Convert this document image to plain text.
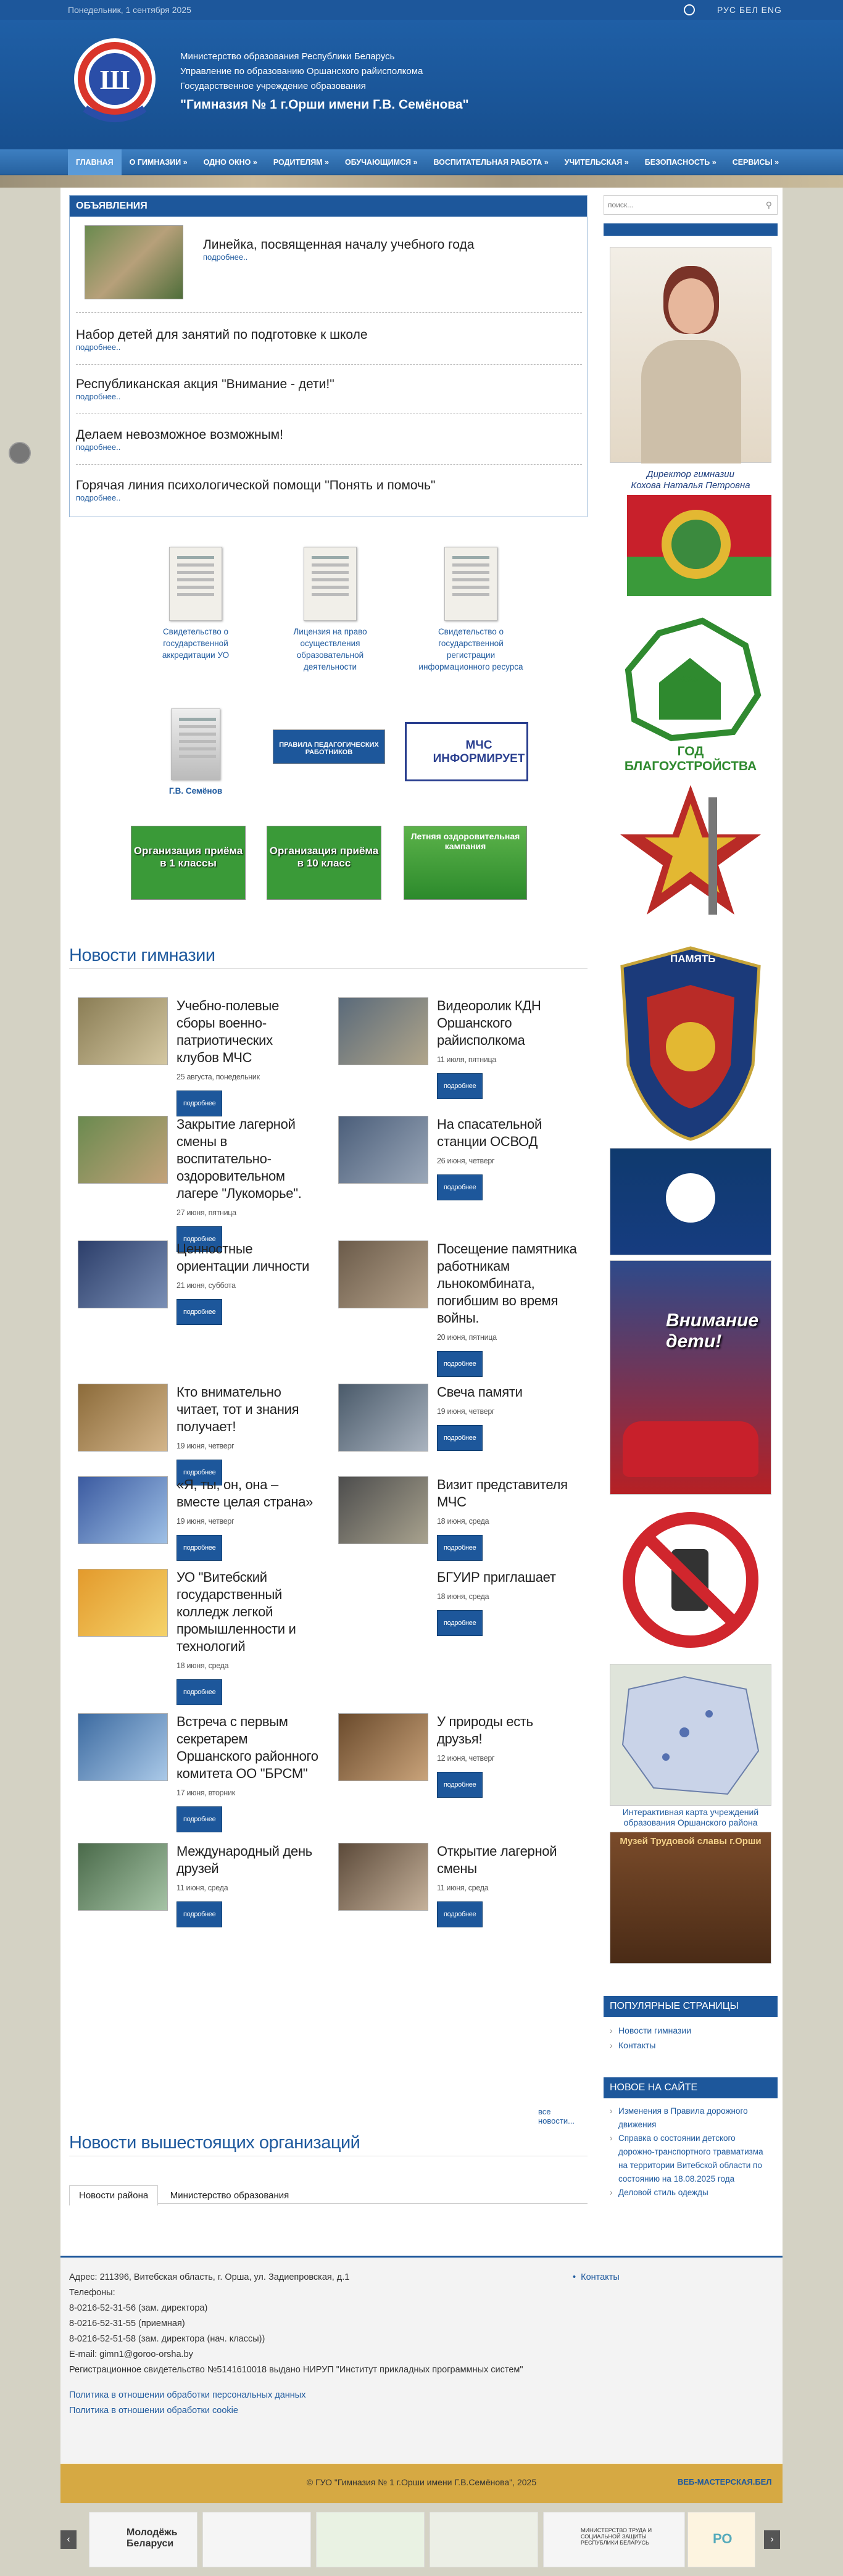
Понедельник, 1 сентября 2025	РУС БЕЛ ENG
Ш
Министерство образования Республики Беларусь
Управление по образованию Оршанского райисполкома
Государственное учреждение образования
"Гимназия № 1 г.Орши имени Г.В. Семёнова"
ГЛАВНАЯ	О ГИМНАЗИИ »	ОДНО ОКНО »	РОДИТЕЛЯМ »	ОБУЧАЮЩИМСЯ »	ВОСПИТАТЕЛЬНАЯ РАБОТА »	УЧИТЕЛЬСКАЯ »	БЕЗОПАСНОСТЬ »	СЕРВИСЫ »
ОБЪЯВЛЕНИЯ
Линейка, посвященная началу учебного года
подробнее..
Набор детей для занятий по подготовке к школе
подробнее..
Республиканская акция "Внимание - дети!"
подробнее..
Делаем невозможное возможным!
подробнее..
Горячая линия психологической помощи "Понять и помочь"
подробнее..
Свидетельство о государственной аккредитации УО
Лицензия на право осуществления образовательной деятельности
Свидетельство о государственной регистрации информационного ресурса
Г.В. Семёнов
ПРАВИЛА ПЕДАГОГИЧЕСКИХ РАБОТНИКОВ
МЧС ИНФОРМИРУЕТ
Организация приёма в 1 классы
Организация приёма в 10 класс
Летняя оздоровительная кампания
Новости гимназии
Учебно-полевые сборы военно-патриотических клубов МЧС
25 августа, понедельник
подробнее
Видеоролик КДН Оршанского райисполкома
11 июля, пятница
подробнее
Закрытие лагерной смены в воспитательно-оздоровительном лагере "Лукоморье".
27 июня, пятница
подробнее
На спасательной станции ОСВОД
26 июня, четверг
подробнее
Ценностные ориентации личности
21 июня, суббота
подробнее
Посещение памятника работникам льнокомбината, погибшим во время войны.
20 июня, пятница
подробнее
Кто внимательно читает, тот и знания получает!
19 июня, четверг
подробнее
Свеча памяти
19 июня, четверг
подробнее
«Я, ты, он, она – вместе целая страна»
19 июня, четверг
подробнее
Визит представителя МЧС
18 июня, среда
подробнее
УО "Витебский государственный колледж легкой промышленности и технологий
18 июня, среда
подробнее
БГУИР приглашает
18 июня, среда
подробнее
Встреча с первым секретарем Оршанского районного комитета ОО "БРСМ"
17 июня, вторник
подробнее
У природы есть друзья!
12 июня, четверг
подробнее
Международный день друзей
11 июня, среда
подробнее
Открытие лагерной смены
11 июня, среда
подробнее
все новости...
Новости вышестоящих организаций
Новости района Министерство образования
поиск...
⚲
Директор гимназии
Кохова Наталья Петровна
2025
ГОД БЛАГОУСТРОЙСТВА
ПАМЯТЬ
Внимание дети!
Интерактивная карта учреждений образования Оршанского района
Музей Трудовой славы г.Орши
ПОПУЛЯРНЫЕ СТРАНИЦЫ
› Новости гимназии
› Контакты
НОВОЕ НА САЙТЕ
› Изменения в Правила дорожного движения
› Справка о состоянии детского дорожно-транспортного травматизма на территории Витебской области по состоянию на 18.08.2025 года
› Деловой стиль одежды
Адрес: 211396, Витебская область, г. Орша, ул. Задиепровская, д.1
Телефоны:
8-0216-52-31-56 (зам. директора)
8-0216-52-31-55 (приемная)
8-0216-52-51-58 (зам. директора (нач. классы))
E-mail: gimn1@goroo-orsha.by
Регистрационное свидетельство №5141610018 выдано НИРУП "Институт прикладных программных систем"
Политика в отношении обработки персональных данных
Политика в отношении обработки cookie
•  Контакты
© ГУО "Гимназия № 1 г.Орши имени Г.В.Семёнова", 2025	ВЕБ-МАСТЕРСКАЯ.БЕЛ
‹
Молодёжь Беларуси
МИНИСТЕРСТВО ТРУДА И СОЦИАЛЬНОЙ ЗАЩИТЫ РЕСПУБЛИКИ БЕЛАРУСЬ	РО	›
